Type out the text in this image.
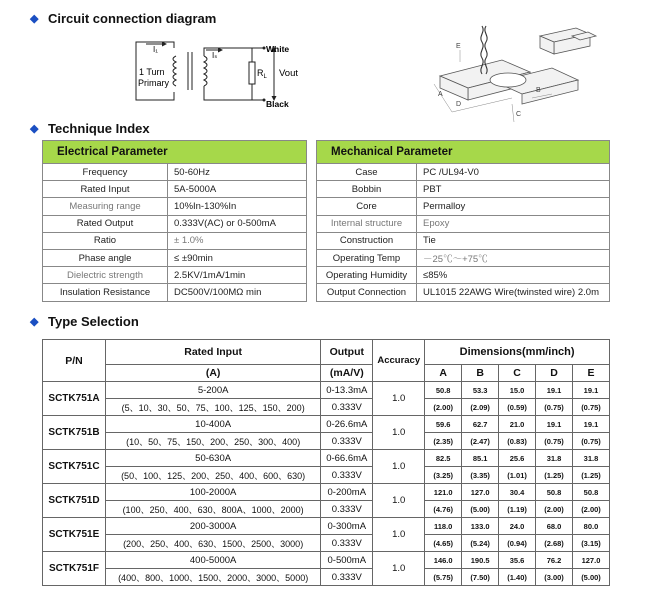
◆ Circuit connection diagram
◆ Technique Index
◆ Type Selection
I₁
Iₛ
1 Turn
Primary
White
Black
$R_L$ Vout
E
A
D
B
C
Electrical Parameter	
Frequency	50-60Hz
Rated Input	5A-5000A
Measuring range	10%In-130%In
Rated Output	0.333V(AC) or 0-500mA
Ratio	± 1.0%
Phase angle	≤ ±90min
Dielectric strength	2.5KV/1mA/1min
Insulation Resistance	DC500V/100MΩ min
Mechanical Parameter	
Case	PC /UL94-V0
Bobbin	PBT
Core	Permalloy
Internal structure	Epoxy
Construction	Tie
Operating Temp	－25℃～+75℃
Operating Humidity	≤85%
Output Connection	UL1015 22AWG Wire(twinsted wire) 2.0m
P/N	Rated Input	Output	Accuracy	Dimensions(mm/inch)				
	(A)	(mA/V)		A	B	C	D	E
SCTK751A	5-200A	0-13.3mA	1.0	50.8	53.3	15.0	19.1	19.1
	(5、10、30、50、75、100、125、150、200)	0.333V		(2.00)	(2.09)	(0.59)	(0.75)	(0.75)
SCTK751B	10-400A	0-26.6mA	1.0	59.6	62.7	21.0	19.1	19.1
	(10、50、75、150、200、250、300、400)	0.333V		(2.35)	(2.47)	(0.83)	(0.75)	(0.75)
SCTK751C	50-630A	0-66.6mA	1.0	82.5	85.1	25.6	31.8	31.8
	(50、100、125、200、250、400、600、630)	0.333V		(3.25)	(3.35)	(1.01)	(1.25)	(1.25)
SCTK751D	100-2000A	0-200mA	1.0	121.0	127.0	30.4	50.8	50.8
	(100、250、400、630、800A、1000、2000)	0.333V		(4.76)	(5.00)	(1.19)	(2.00)	(2.00)
SCTK751E	200-3000A	0-300mA	1.0	118.0	133.0	24.0	68.0	80.0
	(200、250、400、630、1500、2500、3000)	0.333V		(4.65)	(5.24)	(0.94)	(2.68)	(3.15)
SCTK751F	400-5000A	0-500mA	1.0	146.0	190.5	35.6	76.2	127.0
	(400、800、1000、1500、2000、3000、5000)	0.333V		(5.75)	(7.50)	(1.40)	(3.00)	(5.00)
